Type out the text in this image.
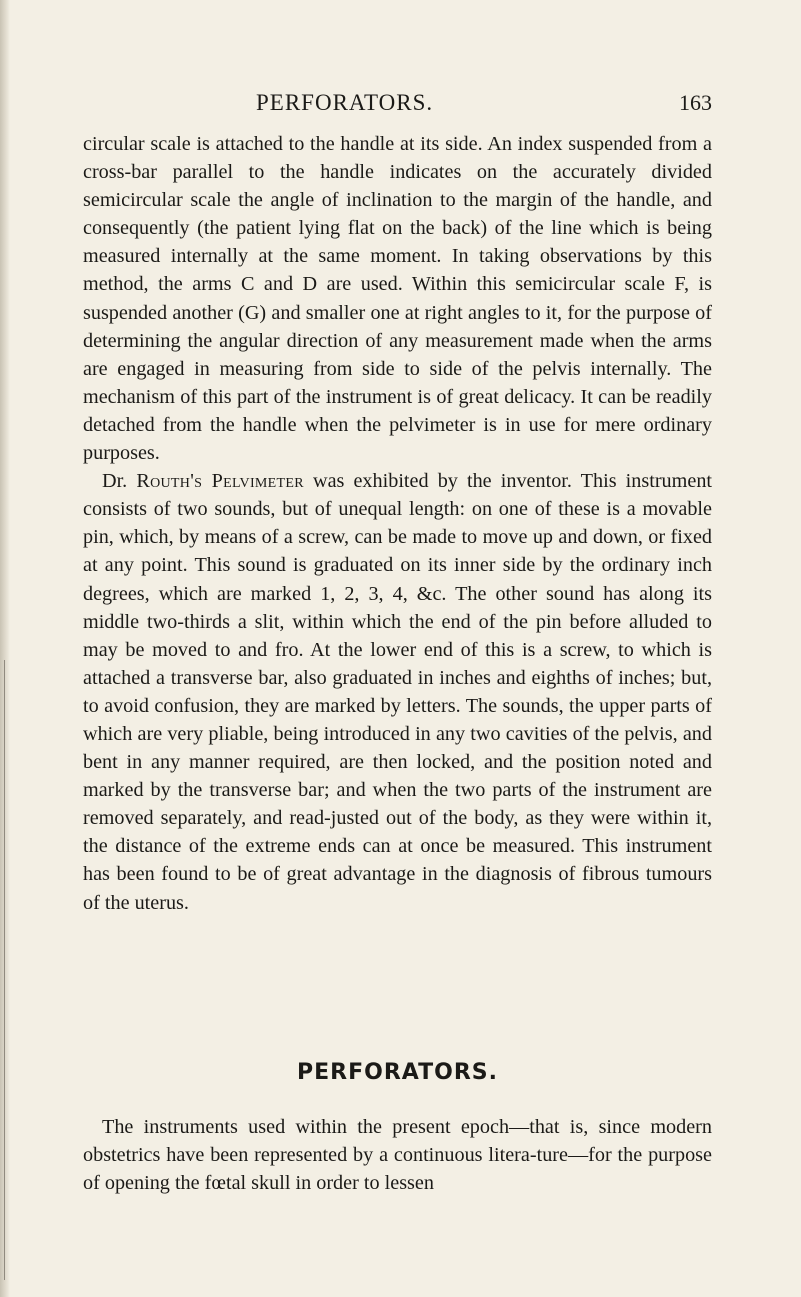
PERFORATORS.	163

circular scale is attached to the handle at its side. An index suspended from a cross-bar parallel to the handle indicates on the accurately divided semicircular scale the angle of inclination to the margin of the handle, and consequently (the patient lying flat on the back) of the line which is being measured internally at the same moment. In taking observations by this method, the arms C and D are used. Within this semicircular scale F, is suspended another (G) and smaller one at right angles to it, for the purpose of determining the angular direction of any measurement made when the arms are engaged in measuring from side to side of the pelvis internally. The mechanism of this part of the instrument is of great delicacy. It can be readily detached from the handle when the pelvimeter is in use for mere ordinary purposes.

Dr. Routh's Pelvimeter was exhibited by the inventor. This instrument consists of two sounds, but of unequal length: on one of these is a movable pin, which, by means of a screw, can be made to move up and down, or fixed at any point. This sound is graduated on its inner side by the ordinary inch degrees, which are marked 1, 2, 3, 4, &c. The other sound has along its middle two-thirds a slit, within which the end of the pin before alluded to may be moved to and fro. At the lower end of this is a screw, to which is attached a transverse bar, also graduated in inches and eighths of inches; but, to avoid confusion, they are marked by letters. The sounds, the upper parts of which are very pliable, being introduced in any two cavities of the pelvis, and bent in any manner required, are then locked, and the position noted and marked by the transverse bar; and when the two parts of the instrument are removed separately, and read-justed out of the body, as they were within it, the distance of the extreme ends can at once be measured. This instrument has been found to be of great advantage in the diagnosis of fibrous tumours of the uterus.

PERFORATORS.

The instruments used within the present epoch—that is, since modern obstetrics have been represented by a continuous litera-ture—for the purpose of opening the fœtal skull in order to lessen
